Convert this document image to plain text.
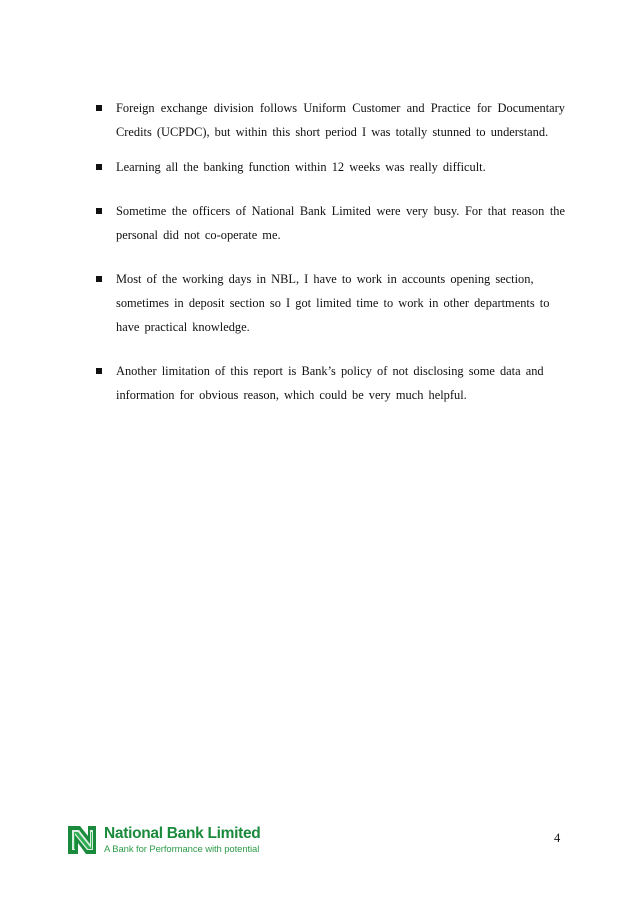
Foreign exchange division follows Uniform Customer and Practice for Documentary
Credits (UCPDC), but within this short period I was totally stunned to understand.
Learning all the banking function within 12 weeks was really difficult.
Sometime the officers of National Bank Limited were very busy. For that reason the
personal did not co-operate me.
Most of the working days in NBL, I have to work in accounts opening section,
sometimes in deposit section so I got limited time to work in other departments to
have practical knowledge.
Another limitation of this report is Bank’s policy of not disclosing some data and
information for obvious reason, which could be very much helpful.
National Bank Limited
A Bank for Performance with potential
4
